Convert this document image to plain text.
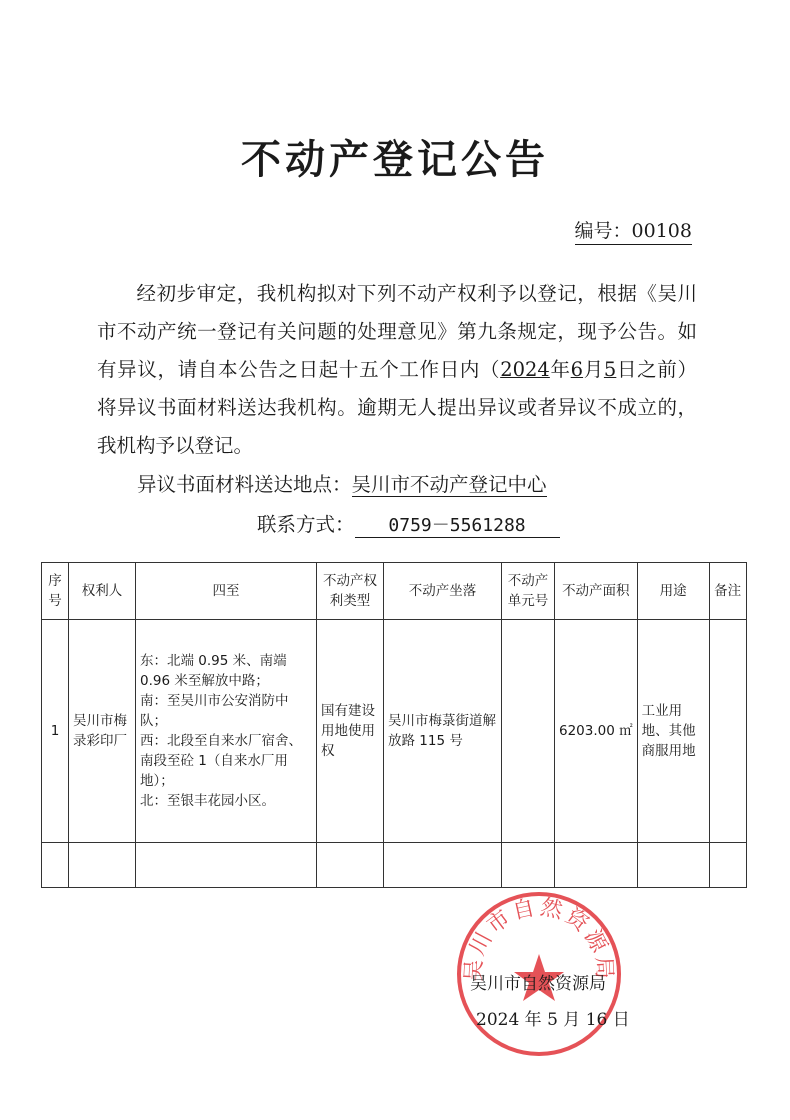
不动产登记公告
编号：00108
  经初步审定，我机构拟对下列不动产权利予以登记，根据《吴川市不动产统一登记有关问题的处理意见》第九条规定，现予公告。如有异议，请自本公告之日起十五个工作日内（2024年6月5日之前）将异议书面材料送达我机构。逾期无人提出异议或者异议不成立的，我机构予以登记。
异议书面材料送达地点：吴川市不动产登记中心
联系方式： 0759－5561288
序号	权利人	四至	不动产权利类型	不动产坐落	不动产单元号	不动产面积	用途	备注
1	吴川市梅录彩印厂	东：北端 0.95 米、南端 0.96 米至解放中路；
南：至吴川市公安消防中队；
西：北段至自来水厂宿舍、南段至砼 1（自来水厂用地）；
北：至银丰花园小区。	国有建设用地使用权	吴川市梅菉街道解放路 115 号		6203.00 ㎡	工业用地、其他商服用地	

吴川市自然资源局
吴川市自然资源局
2024 年 5 月 16 日
